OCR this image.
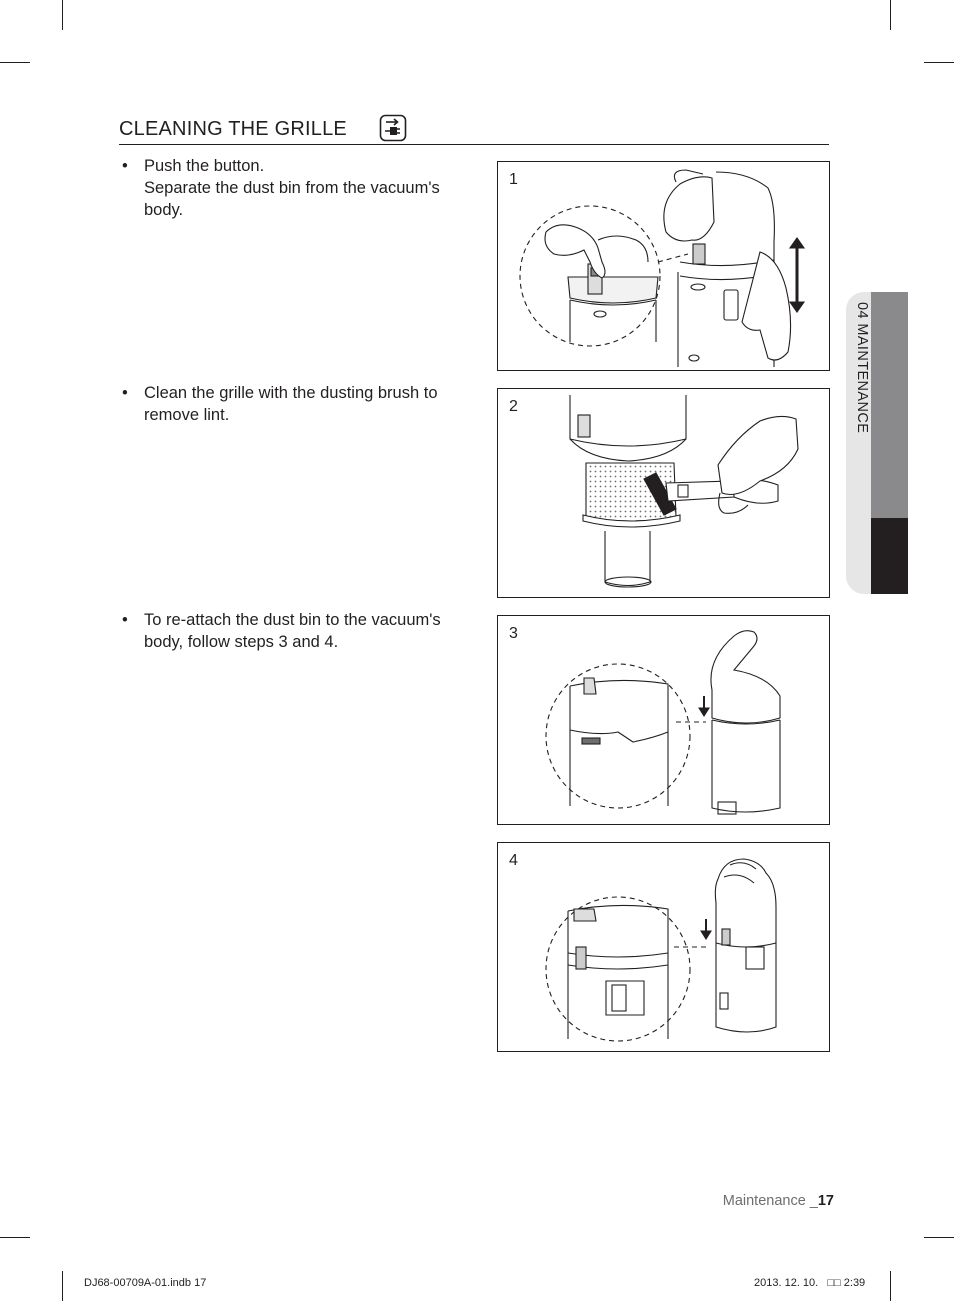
CLEANING THE GRILLE
• Push the button.
Separate the dust bin from the vacuum's body.
• Clean the grille with the dusting brush to remove lint.
• To re-attach the dust bin to the vacuum's body, follow steps 3 and 4.
1
2
3
4
04 MAINTENANCE
Maintenance _17
DJ68-00709A-01.indb 17	2013. 12. 10. □□ 2:39
